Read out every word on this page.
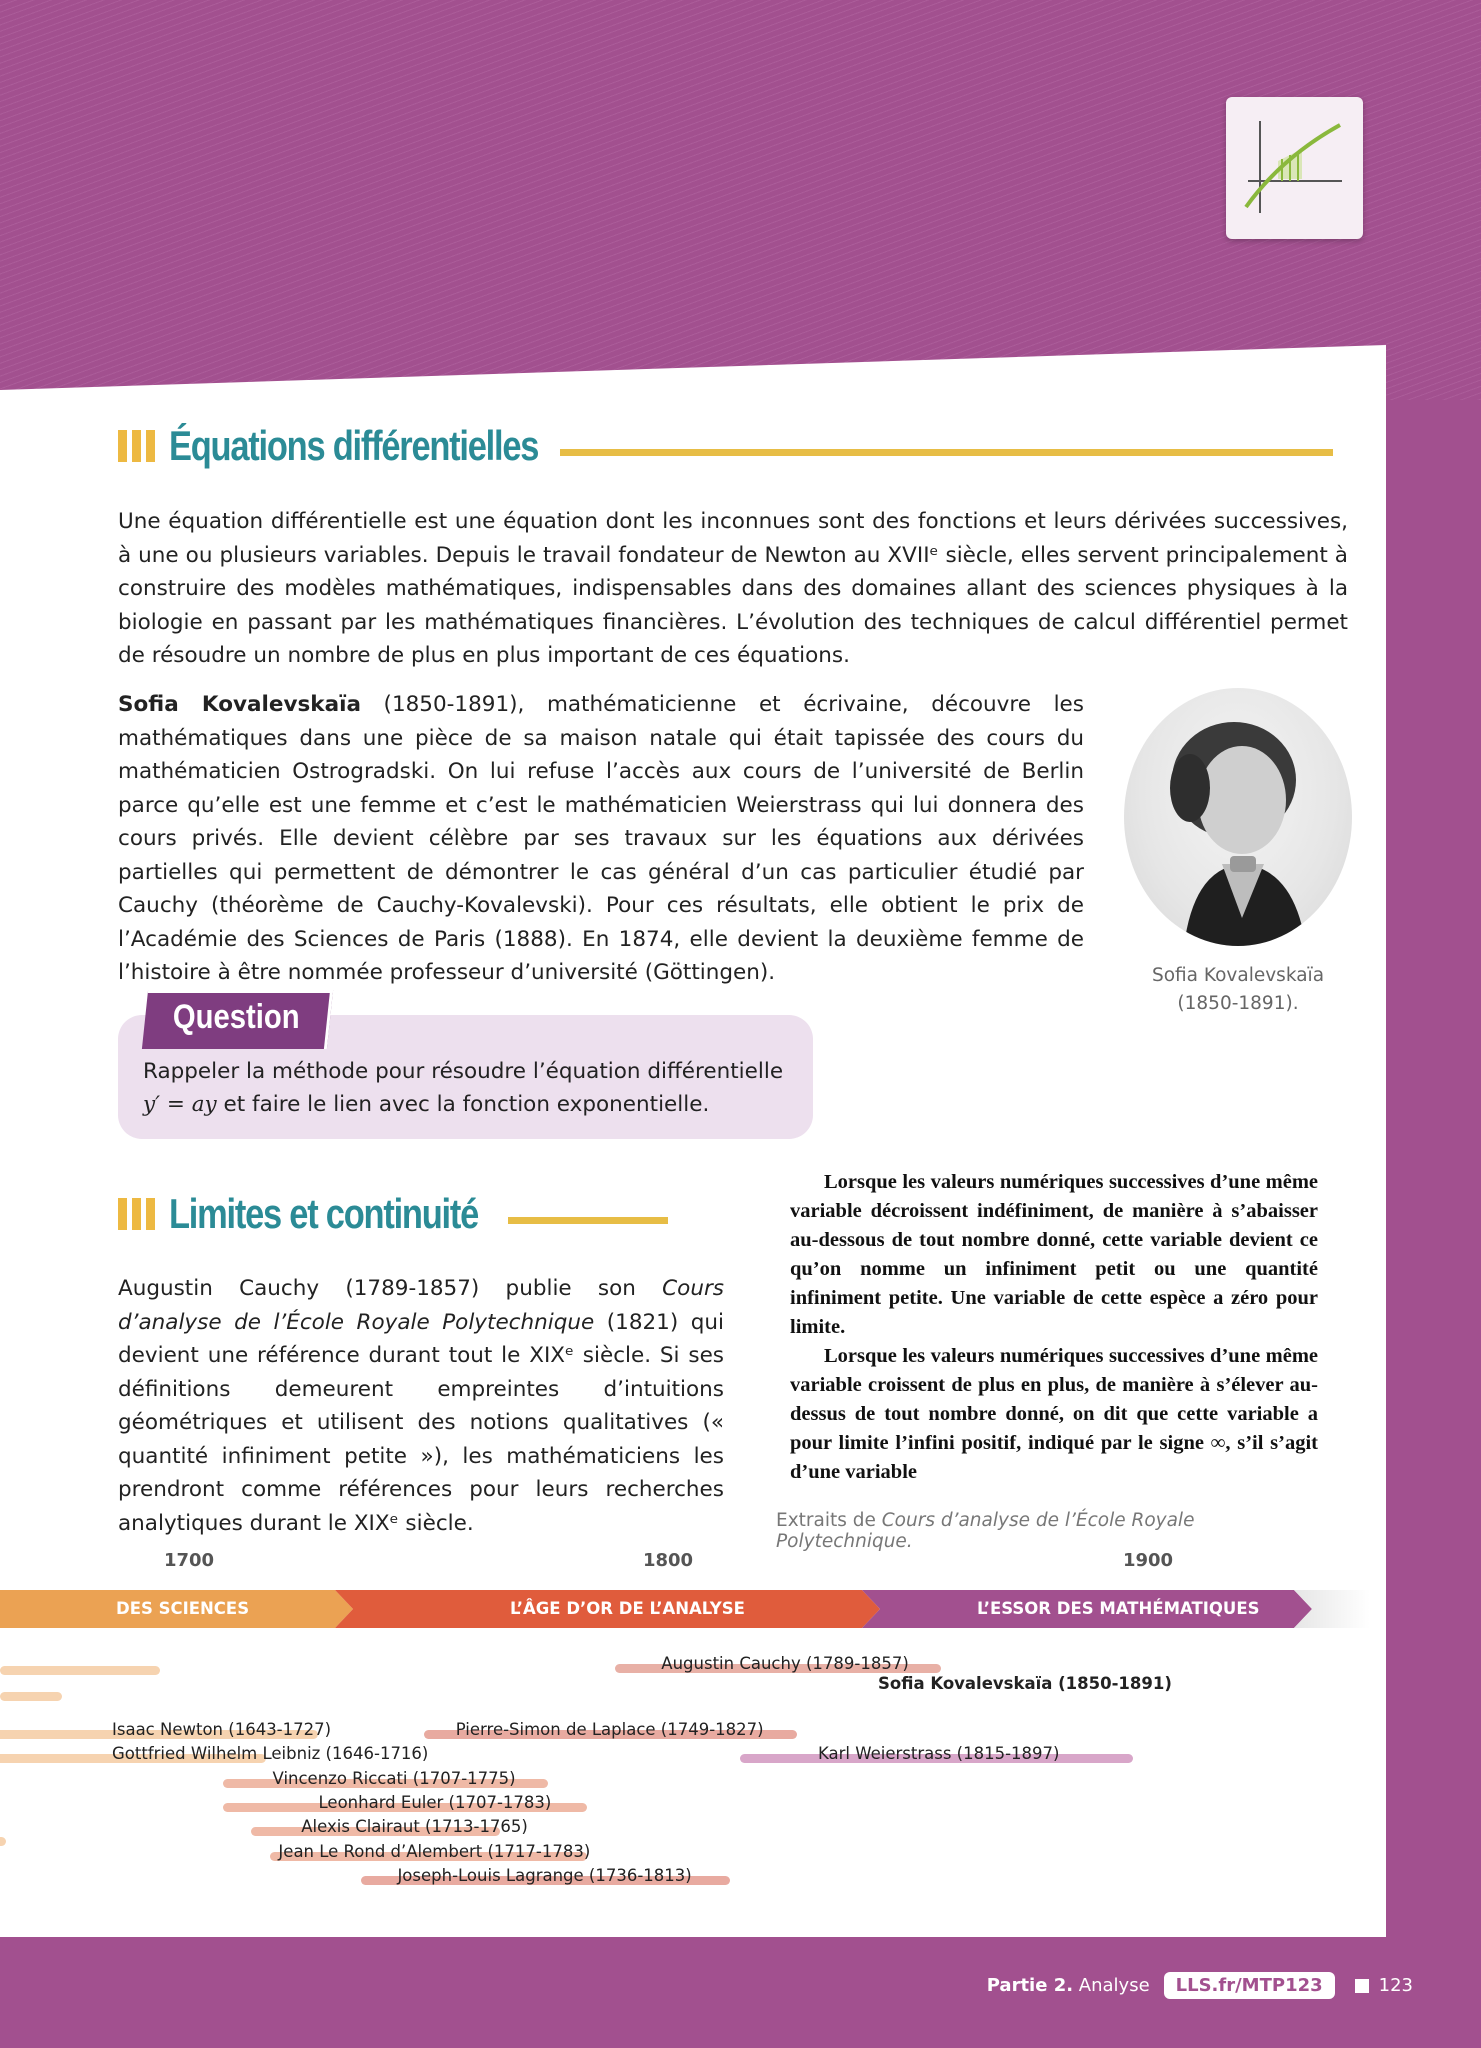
Équations différentielles

Une équation différentielle est une équation dont les inconnues sont des fonctions et leurs dérivées successives, à une ou plusieurs variables. Depuis le travail fondateur de Newton au XVIIᵉ siècle, elles servent principalement à construire des modèles mathématiques, indispensables dans des domaines allant des sciences physiques à la biologie en passant par les mathématiques financières. L’évolution des techniques de calcul différentiel permet de résoudre un nombre de plus en plus important de ces équations.

Sofia Kovalevskaïa (1850-1891), mathématicienne et écrivaine, découvre les mathématiques dans une pièce de sa maison natale qui était tapissée des cours du mathématicien Ostrogradski. On lui refuse l’accès aux cours de l’université de Berlin parce qu’elle est une femme et c’est le mathématicien Weierstrass qui lui donnera des cours privés. Elle devient célèbre par ses travaux sur les équations aux dérivées partielles qui permettent de démontrer le cas général d’un cas particulier étudié par Cauchy (théorème de Cauchy-Kovalevski). Pour ces résultats, elle obtient le prix de l’Académie des Sciences de Paris (1888). En 1874, elle devient la deuxième femme de l’histoire à être nommée professeur d’université (Göttingen).	Sofia Kovalevskaïa
(1850-1891).

Question

Rappeler la méthode pour résoudre l’équation différentielle
y′ = ay et faire le lien avec la fonction exponentielle.

Limites et continuité

Augustin Cauchy (1789-1857) publie son Cours d’analyse de l’École Royale Polytechnique (1821) qui devient une référence durant tout le XIXᵉ siècle. Si ses définitions demeurent empreintes d’intuitions géométriques et utilisent des notions qualitatives (« quantité infiniment petite »), les mathématiciens les prendront comme références pour leurs recherches analytiques durant le XIXᵉ siècle.

Lorsque les valeurs numériques successives d’une même variable décroissent indéfiniment, de manière à s’abaisser au-dessous de tout nombre donné, cette variable devient ce qu’on nomme un infiniment petit ou une quantité infiniment petite. Une variable de cette espèce a zéro pour limite.

Lorsque les valeurs numériques successives d’une même variable croissent de plus en plus, de manière à s’élever au-dessus de tout nombre donné, on dit que cette variable a pour limite l’infini positif, indiqué par le signe ∞, s’il s’agit d’une variable

Extraits de Cours d’analyse de l’École Royale Polytechnique.

1700	1800	1900
DES SCIENCES	L’ÂGE D’OR DE L’ANALYSE	L’ESSOR DES MATHÉMATIQUES
Augustin Cauchy (1789-1857)
Sofia Kovalevskaïa (1850-1891)
Isaac Newton (1643-1727)
Gottfried Wilhelm Leibniz (1646-1716)
Pierre-Simon de Laplace (1749-1827)
Karl Weierstrass (1815-1897)
Vincenzo Riccati (1707-1775)
Leonhard Euler (1707-1783)
Alexis Clairaut (1713-1765)
Jean Le Rond d’Alembert (1717-1783)
Joseph-Louis Lagrange (1736-1813)
Partie 2.
Analyse	LLS.fr/MTP123	123
